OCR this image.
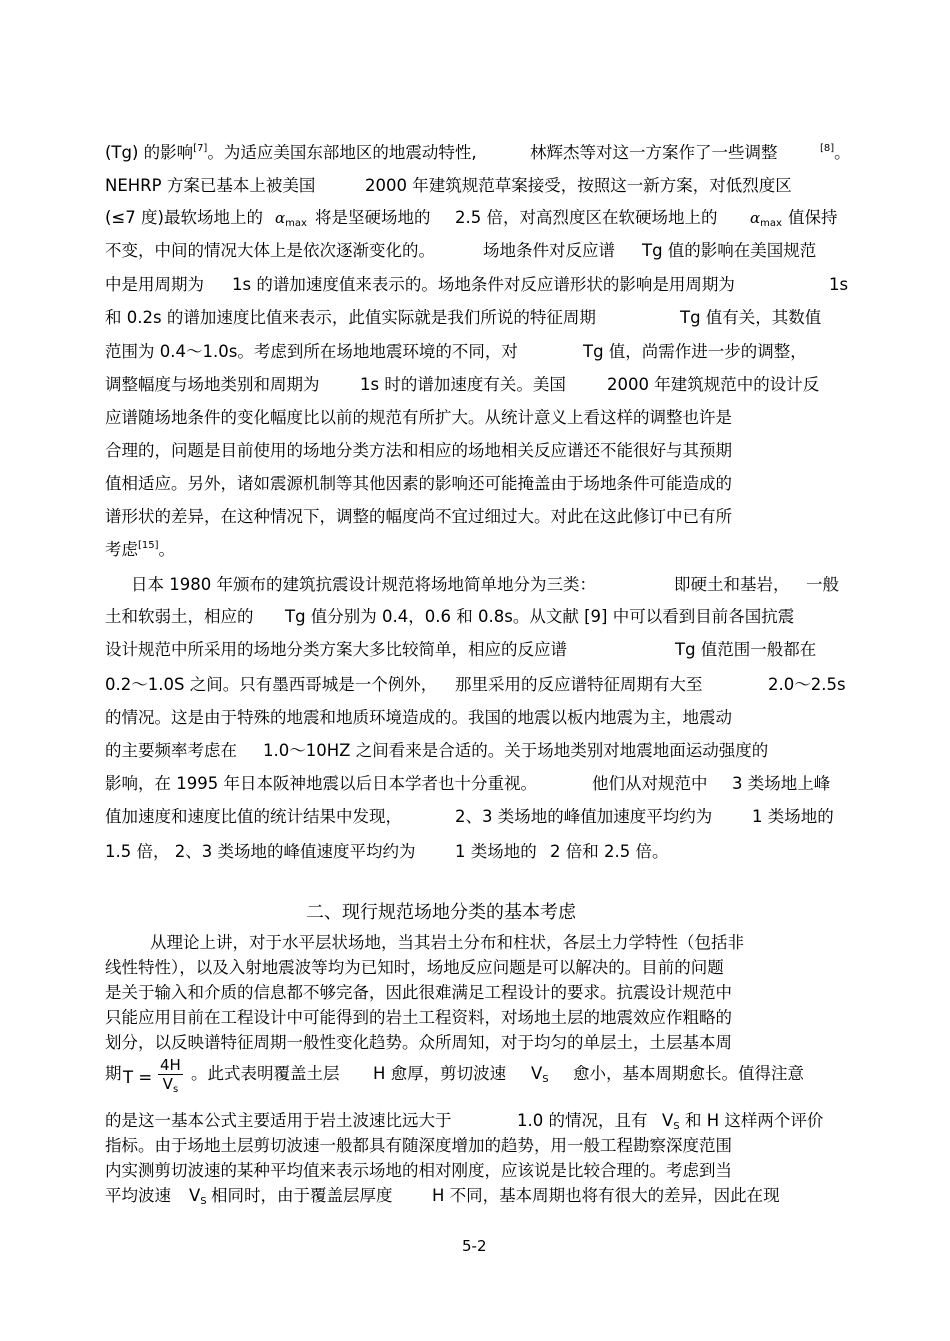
(Tg) 的影响[7]。为适应美国东部地区的地震动特性,	林辉杰等对这一方案作了一些调整	[8]。
NEHRP 方案已基本上被美国	2000 年建筑规范草案接受，按照这一新方案，对低烈度区
(≤7 度)最软场地上的 αmax 将是坚硬场地的 2.5 倍，对高烈度区在软硬场地上的 αmax 值保持
不变，中间的情况大体上是依次逐渐变化的。	场地条件对反应谱 Tg 值的影响在美国规范
中是用周期为 1s 的谱加速度值来表示的。场地条件对反应谱形状的影响是用周期为	1s
和 0.2s 的谱加速度比值来表示，此值实际就是我们所说的特征周期	Tg 值有关，其数值
范围为 0.4～1.0s。考虑到所在场地地震环境的不同，对	Tg 值，尚需作进一步的调整，
调整幅度与场地类别和周期为 1s 时的谱加速度有关。美国 2000 年建筑规范中的设计反
应谱随场地条件的变化幅度比以前的规范有所扩大。从统计意义上看这样的调整也许是
合理的，问题是目前使用的场地分类方法和相应的场地相关反应谱还不能很好与其预期
值相适应。另外，诸如震源机制等其他因素的影响还可能掩盖由于场地条件可能造成的
谱形状的差异，在这种情况下，调整的幅度尚不宜过细过大。对此在这此修订中已有所
考虑[15]。
日本 1980 年颁布的建筑抗震设计规范将场地简单地分为三类：	即硬土和基岩， 一般
土和软弱土，相应的 Tg 值分别为 0.4，0.6 和 0.8s。从文献 [9] 中可以看到目前各国抗震
设计规范中所采用的场地分类方案大多比较简单，相应的反应谱	Tg 值范围一般都在
0.2～1.0S 之间。只有墨西哥城是一个例外， 那里采用的反应谱特征周期有大至	2.0～2.5s
的情况。这是由于特殊的地震和地质环境造成的。我国的地震以板内地震为主，地震动
的主要频率考虑在 1.0～10HZ 之间看来是合适的。关于场地类别对地震地面运动强度的
影响，在 1995 年日本阪神地震以后日本学者也十分重视。	他们从对规范中 3 类场地上峰
值加速度和速度比值的统计结果中发现，	2、3 类场地的峰值加速度平均约为 1 类场地的
1.5 倍， 2、3 类场地的峰值速度平均约为 1 类场地的 2 倍和 2.5 倍。
二、现行规范场地分类的基本考虑
从理论上讲，对于水平层状场地，当其岩土分布和柱状，各层土力学特性（包括非
线性特性），以及入射地震波等均为已知时，场地反应问题是可以解决的。目前的问题
是关于输入和介质的信息都不够完备，因此很难满足工程设计的要求。抗震设计规范中
只能应用目前在工程设计中可能得到的岩土工程资料，对场地土层的地震效应作粗略的
划分，以反映谱特征周期一般性变化趋势。众所周知，对于均匀的单层土，土层基本周
期 $T = \frac{4H}{V_s}$ 。此式表明覆盖土层 H 愈厚，剪切波速 VS 愈小，基本周期愈长。值得注意
的是这一基本公式主要适用于岩土波速比远大于	1.0 的情况，且有 VS 和 H 这样两个评价
指标。由于场地土层剪切波速一般都具有随深度增加的趋势，用一般工程勘察深度范围
内实测剪切波速的某种平均值来表示场地的相对刚度，应该说是比较合理的。考虑到当
平均波速 VS 相同时，由于覆盖层厚度 H 不同，基本周期也将有很大的差异，因此在现
5-2
